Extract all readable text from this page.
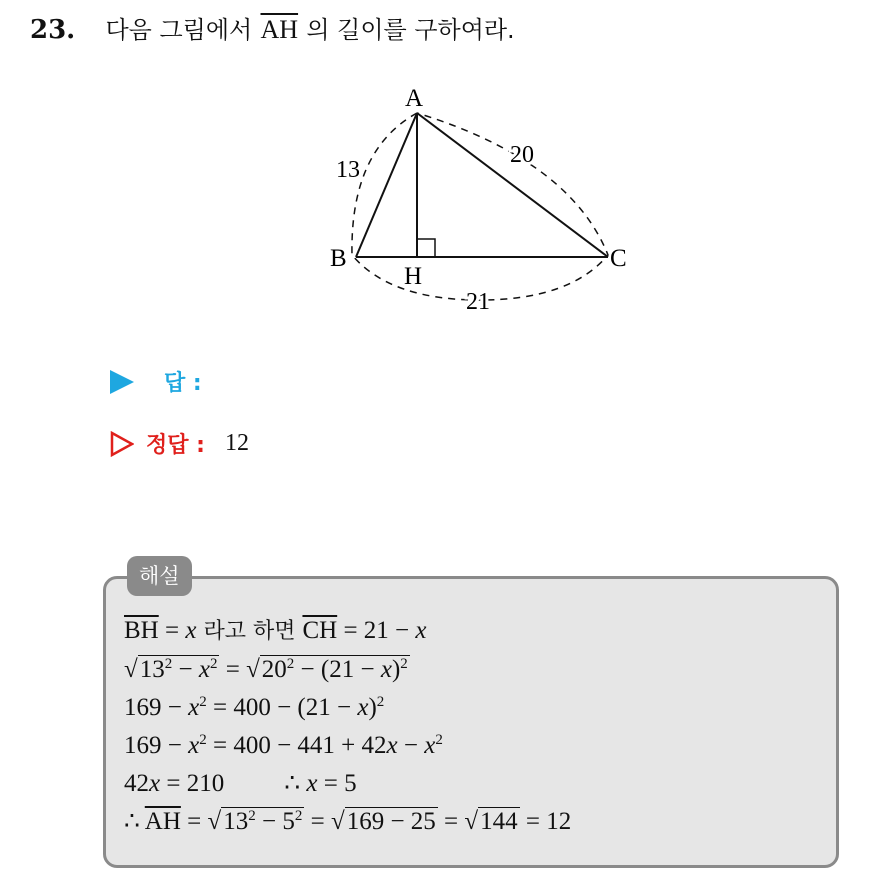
23. 다음 그림에서 $\overline{AH}$ 의 길이를 구하여라.
A
B	C
H
13
20
21
답 :
정답 : 12
해설
$\overline{BH} = x$ 라고 하면 $\overline{CH} = 21 - x$
$√13^2 - x^2 = √20^2 - (21 - x)^2$
$169 - x^2 = 400 - (21 - x)^2$
$169 - x^2 = 400 - 441 + 42x - x^2$
42x = 210 ∴ x = 5
∴ $\overline{AH} = √13^2 - 5^2 = √169 - 25 = √144 = 12$
